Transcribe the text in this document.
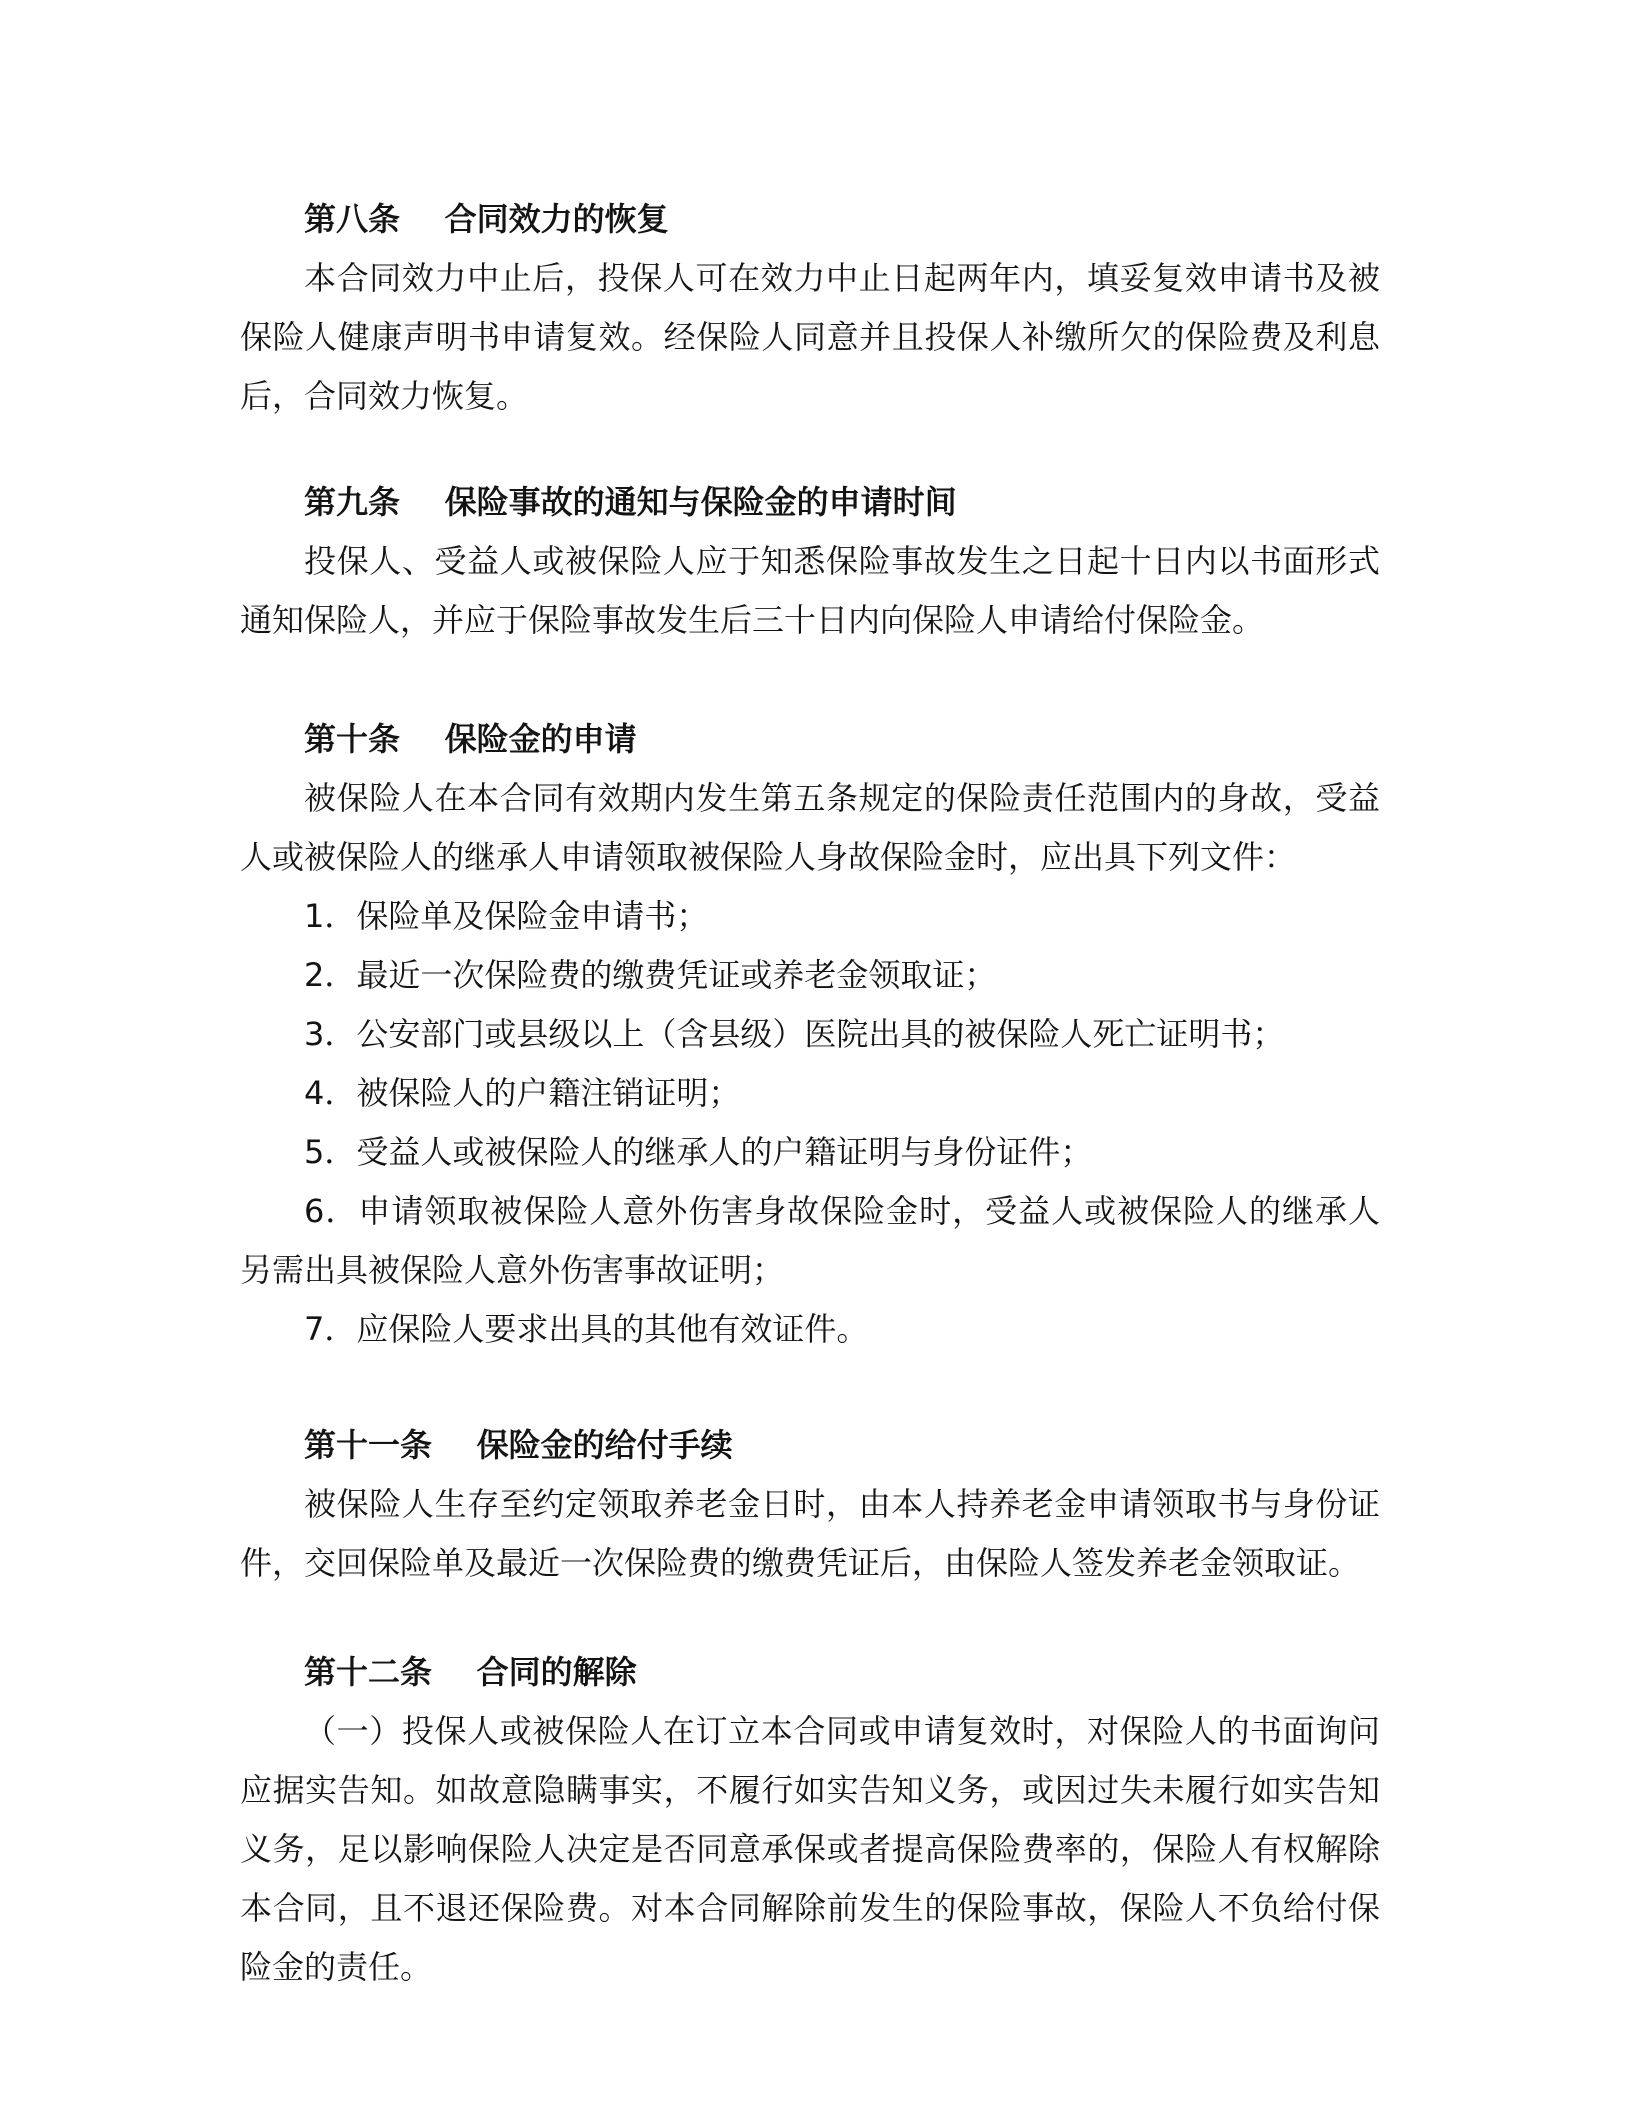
第八条 合同效力的恢复

本合同效力中止后，投保人可在效力中止日起两年内，填妥复效申请书及被保险人健康声明书申请复效。经保险人同意并且投保人补缴所欠的保险费及利息后，合同效力恢复。

第九条 保险事故的通知与保险金的申请时间

投保人、受益人或被保险人应于知悉保险事故发生之日起十日内以书面形式通知保险人，并应于保险事故发生后三十日内向保险人申请给付保险金。

第十条 保险金的申请

被保险人在本合同有效期内发生第五条规定的保险责任范围内的身故，受益人或被保险人的继承人申请领取被保险人身故保险金时，应出具下列文件：

1．保险单及保险金申请书；

2．最近一次保险费的缴费凭证或养老金领取证；

3．公安部门或县级以上（含县级）医院出具的被保险人死亡证明书；

4．被保险人的户籍注销证明；

5．受益人或被保险人的继承人的户籍证明与身份证件；

6．申请领取被保险人意外伤害身故保险金时，受益人或被保险人的继承人另需出具被保险人意外伤害事故证明；

7．应保险人要求出具的其他有效证件。

第十一条 保险金的给付手续

被保险人生存至约定领取养老金日时，由本人持养老金申请领取书与身份证件，交回保险单及最近一次保险费的缴费凭证后，由保险人签发养老金领取证。

第十二条 合同的解除

（一）投保人或被保险人在订立本合同或申请复效时，对保险人的书面询问应据实告知。如故意隐瞒事实，不履行如实告知义务，或因过失未履行如实告知义务，足以影响保险人决定是否同意承保或者提高保险费率的，保险人有权解除本合同，且不退还保险费。对本合同解除前发生的保险事故，保险人不负给付保险金的责任。
